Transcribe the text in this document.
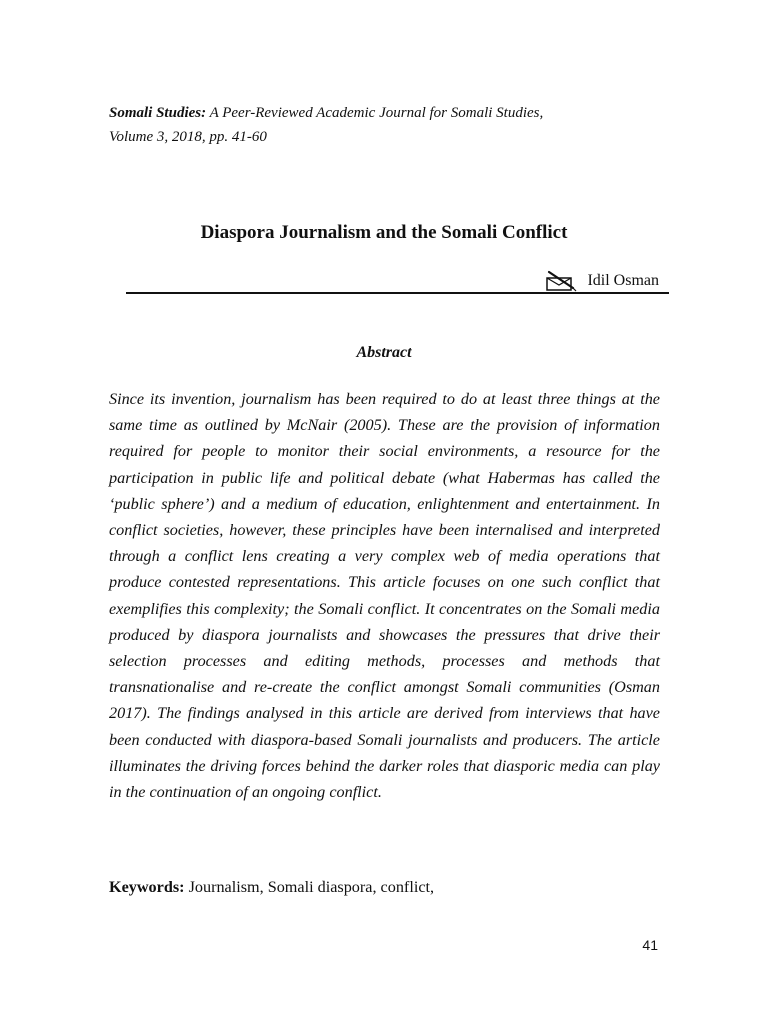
Somali Studies: A Peer-Reviewed Academic Journal for Somali Studies,
Volume 3, 2018, pp. 41-60
Diaspora Journalism and the Somali Conflict
Idil Osman
Abstract

Since its invention, journalism has been required to do at least three things at the same time as outlined by McNair (2005). These are the provision of information required for people to monitor their social environments, a resource for the participation in public life and political debate (what Habermas has called the ‘public sphere’) and a medium of education, enlightenment and entertainment. In conflict societies, however, these principles have been internalised and interpreted through a conflict lens creating a very complex web of media operations that produce contested representations. This article focuses on one such conflict that exemplifies this complexity; the Somali conflict. It concentrates on the Somali media produced by diaspora journalists and showcases the pressures that drive their selection processes and editing methods, processes and methods that transnationalise and re-create the conflict amongst Somali communities (Osman 2017). The findings analysed in this article are derived from interviews that have been conducted with diaspora-based Somali journalists and producers. The article illuminates the driving forces behind the darker roles that diasporic media can play in the continuation of an ongoing conflict.

Keywords: Journalism, Somali diaspora, conflict,
41
